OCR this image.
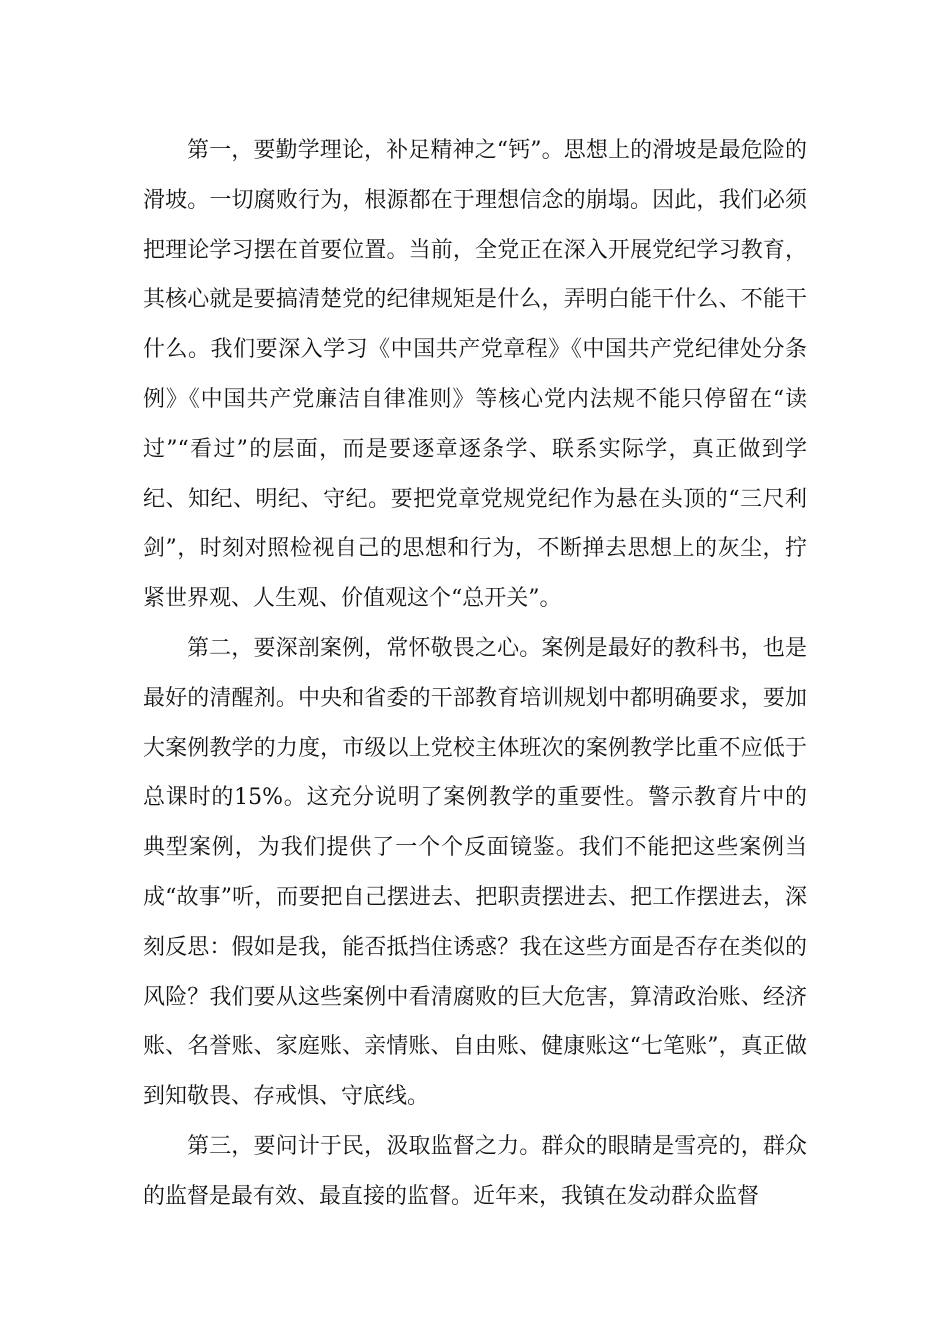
第一，要勤学理论，补足精神之“钙”。思想上的滑坡是最危险的滑坡。一切腐败行为，根源都在于理想信念的崩塌。因此，我们必须把理论学习摆在首要位置。当前，全党正在深入开展党纪学习教育，其核心就是要搞清楚党的纪律规矩是什么，弄明白能干什么、不能干什么。我们要深入学习《中国共产党章程》《中国共产党纪律处分条例》《中国共产党廉洁自律准则》等核心党内法规不能只停留在“读过”“看过”的层面，而是要逐章逐条学、联系实际学，真正做到学纪、知纪、明纪、守纪。要把党章党规党纪作为悬在头顶的“三尺利剑”，时刻对照检视自己的思想和行为，不断掸去思想上的灰尘，拧紧世界观、人生观、价值观这个“总开关”。

第二，要深剖案例，常怀敬畏之心。案例是最好的教科书，也是最好的清醒剂。中央和省委的干部教育培训规划中都明确要求，要加大案例教学的力度，市级以上党校主体班次的案例教学比重不应低于总课时的15%。这充分说明了案例教学的重要性。警示教育片中的典型案例，为我们提供了一个个反面镜鉴。我们不能把这些案例当成“故事”听，而要把自己摆进去、把职责摆进去、把工作摆进去，深刻反思：假如是我，能否抵挡住诱惑？我在这些方面是否存在类似的风险？我们要从这些案例中看清腐败的巨大危害，算清政治账、经济账、名誉账、家庭账、亲情账、自由账、健康账这“七笔账”，真正做到知敬畏、存戒惧、守底线。

第三，要问计于民，汲取监督之力。群众的眼睛是雪亮的，群众的监督是最有效、最直接的监督。近年来，我镇在发动群众监督
